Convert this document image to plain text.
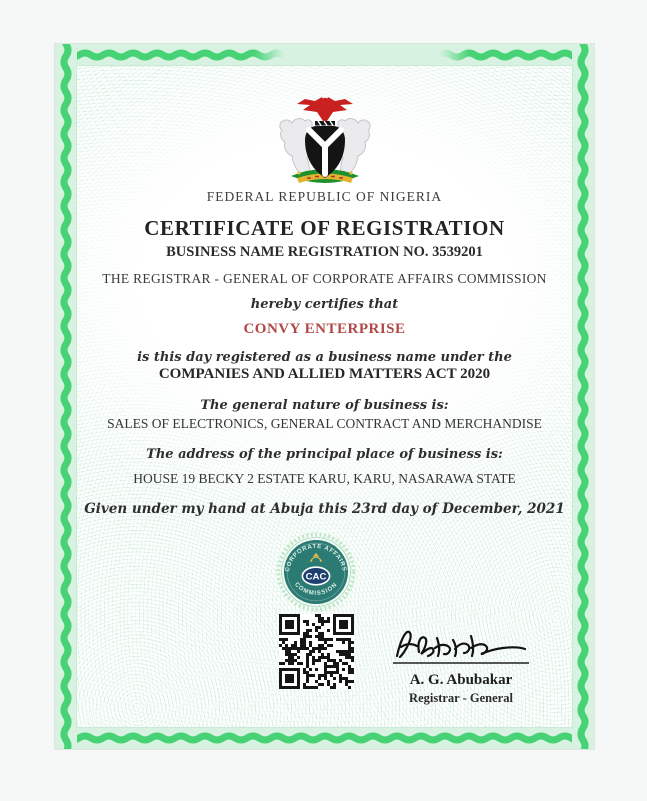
FEDERAL REPUBLIC OF NIGERIA
CERTIFICATE OF REGISTRATION
BUSINESS NAME REGISTRATION NO. 3539201
THE REGISTRAR - GENERAL OF CORPORATE AFFAIRS COMMISSION
hereby certifies that
CONVY ENTERPRISE
is this day registered as a business name under the
COMPANIES AND ALLIED MATTERS ACT 2020
The general nature of business is:
SALES OF ELECTRONICS, GENERAL CONTRACT AND MERCHANDISE
The address of the principal place of business is:
HOUSE 19 BECKY 2 ESTATE KARU, KARU, NASARAWA STATE
Given under my hand at Abuja this 23rd day of December, 2021
CORPORATE AFFAIRS
COMMISSION
CAC
A. G. Abubakar
Registrar - General
